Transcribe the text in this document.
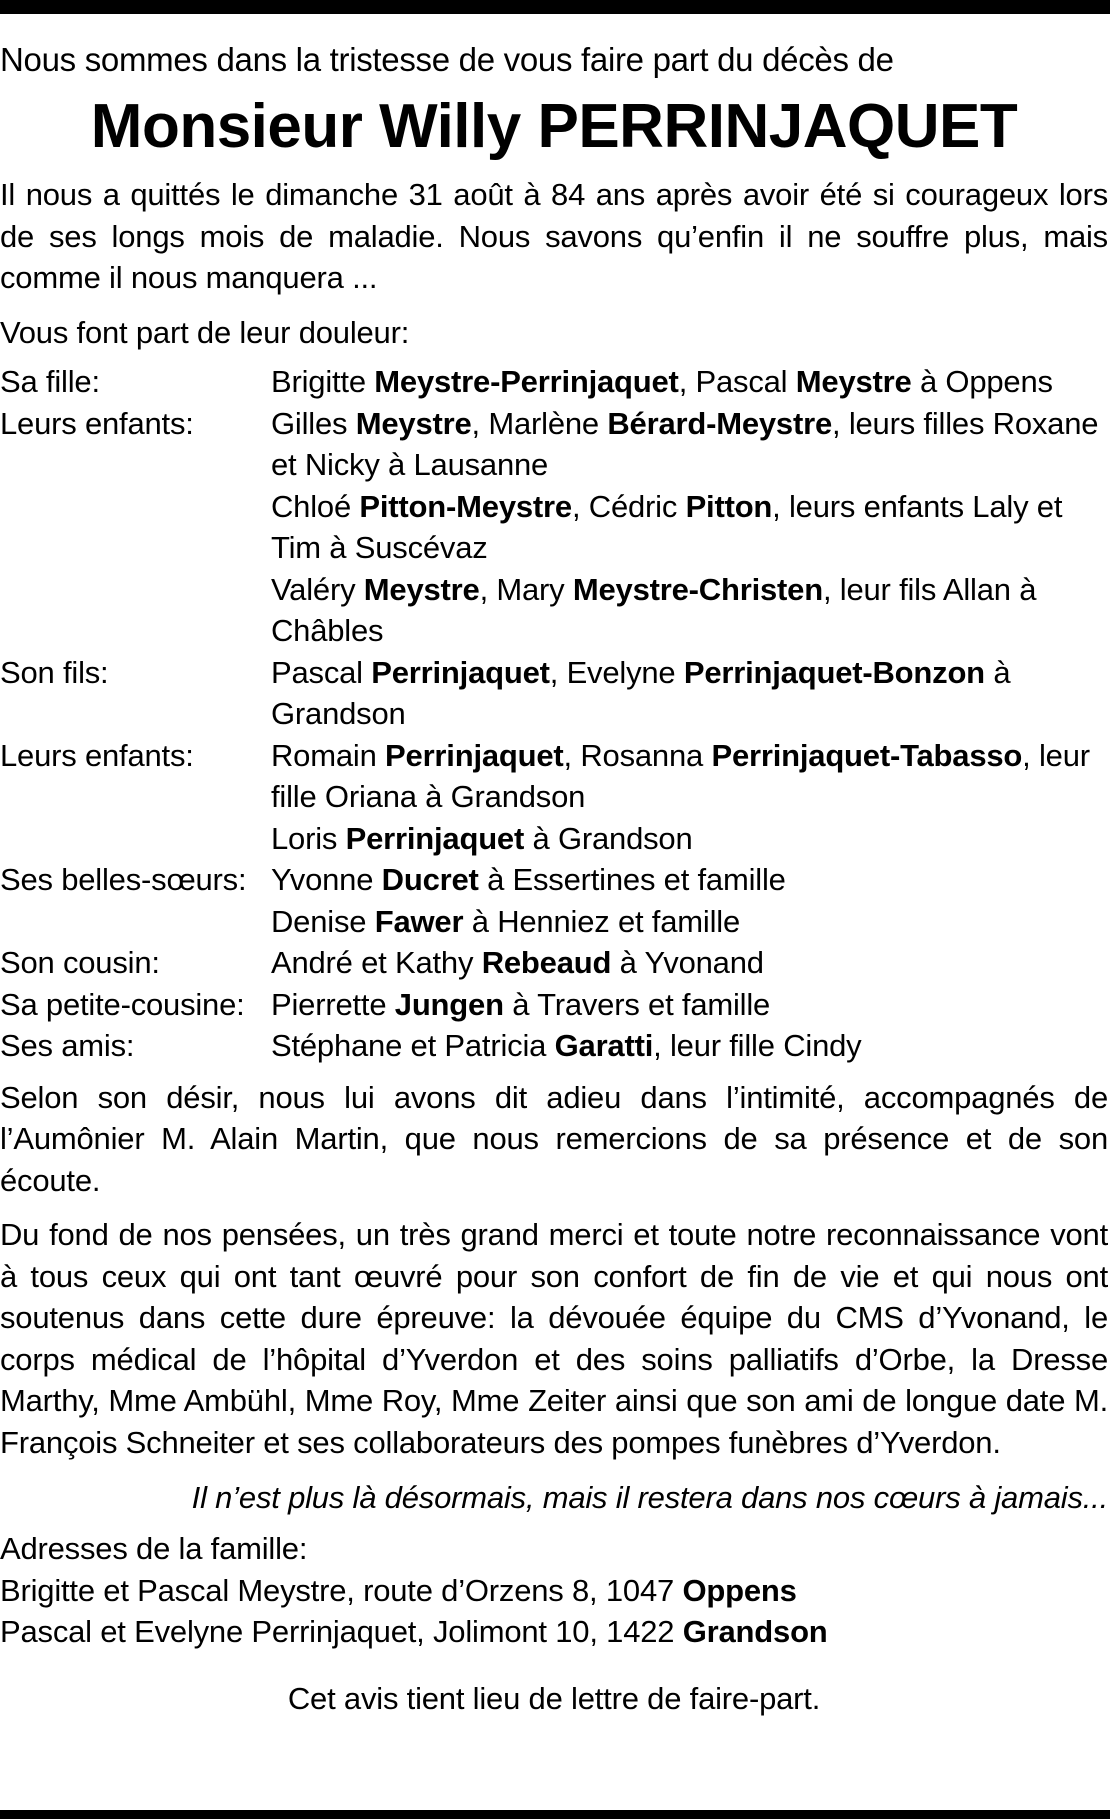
Nous sommes dans la tristesse de vous faire part du décès de

Monsieur Willy PERRINJAQUET

Il nous a quittés le dimanche 31 août à 84 ans après avoir été si courageux lors de ses longs mois de maladie. Nous savons qu’enfin il ne souffre plus, mais comme il nous manquera ...

Vous font part de leur douleur:

Sa fille:	Brigitte Meystre-Perrinjaquet, Pascal Meystre à Oppens
Leurs enfants:	Gilles Meystre, Marlène Bérard-Meystre, leurs filles Roxane et Nicky à Lausanne
Chloé Pitton-Meystre, Cédric Pitton, leurs enfants Laly et Tim à Suscévaz
Valéry Meystre, Mary Meystre-Christen, leur fils Allan à Châbles
Son fils:	Pascal Perrinjaquet, Evelyne Perrinjaquet-Bonzon à Grandson
Leurs enfants:	Romain Perrinjaquet, Rosanna Perrinjaquet-Tabasso, leur fille Oriana à Grandson
Loris Perrinjaquet à Grandson
Ses belles-sœurs: Yvonne Ducret à Essertines et famille
Denise Fawer à Henniez et famille
Son cousin:	André et Kathy Rebeaud à Yvonand
Sa petite-cousine: Pierrette Jungen à Travers et famille
Ses amis:	Stéphane et Patricia Garatti, leur fille Cindy

Selon son désir, nous lui avons dit adieu dans l’intimité, accompagnés de l’Aumônier M. Alain Martin, que nous remercions de sa présence et de son écoute.

Du fond de nos pensées, un très grand merci et toute notre reconnaissance vont à tous ceux qui ont tant œuvré pour son confort de fin de vie et qui nous ont soutenus dans cette dure épreuve: la dévouée équipe du CMS d’Yvonand, le corps médical de l’hôpital d’Yverdon et des soins palliatifs d’Orbe, la Dresse Marthy, Mme Ambühl, Mme Roy, Mme Zeiter ainsi que son ami de longue date M. François Schneiter et ses collaborateurs des pompes funèbres d’Yverdon.

Il n’est plus là désormais, mais il restera dans nos cœurs à jamais...

Adresses de la famille:

Brigitte et Pascal Meystre, route d’Orzens 8, 1047 Oppens

Pascal et Evelyne Perrinjaquet, Jolimont 10, 1422 Grandson

Cet avis tient lieu de lettre de faire-part.
